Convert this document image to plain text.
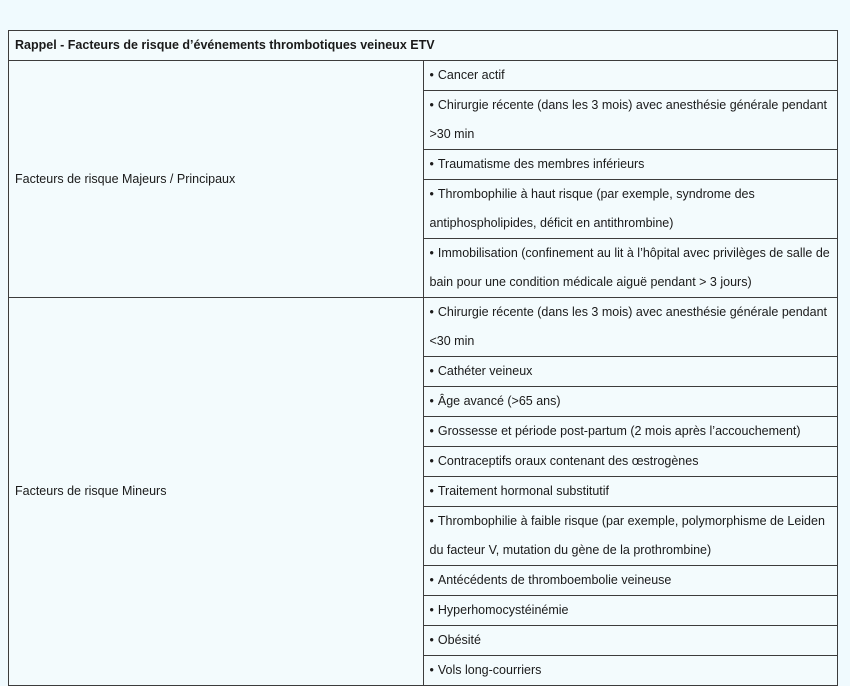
Rappel - Facteurs de risque d’événements thrombotiques veineux ETV	
Facteurs de risque Majeurs / Principaux	• Cancer actif
	• Chirurgie récente (dans les 3 mois) avec anesthésie générale pendant >30 min
	• Traumatisme des membres inférieurs
	• Thrombophilie à haut risque (par exemple, syndrome des antiphospholipides, déficit en antithrombine)
	• Immobilisation (confinement au lit à l’hôpital avec privilèges de salle de bain pour une condition médicale aiguë pendant > 3 jours)
Facteurs de risque Mineurs	• Chirurgie récente (dans les 3 mois) avec anesthésie générale pendant <30 min
	• Cathéter veineux
	• Âge avancé (>65 ans)
	• Grossesse et période post-partum (2 mois après l’accouchement)
	• Contraceptifs oraux contenant des œstrogènes
	• Traitement hormonal substitutif
	• Thrombophilie à faible risque (par exemple, polymorphisme de Leiden du facteur V, mutation du gène de la prothrombine)
	• Antécédents de thromboembolie veineuse
	• Hyperhomocystéinémie
	• Obésité
	• Vols long-courriers
